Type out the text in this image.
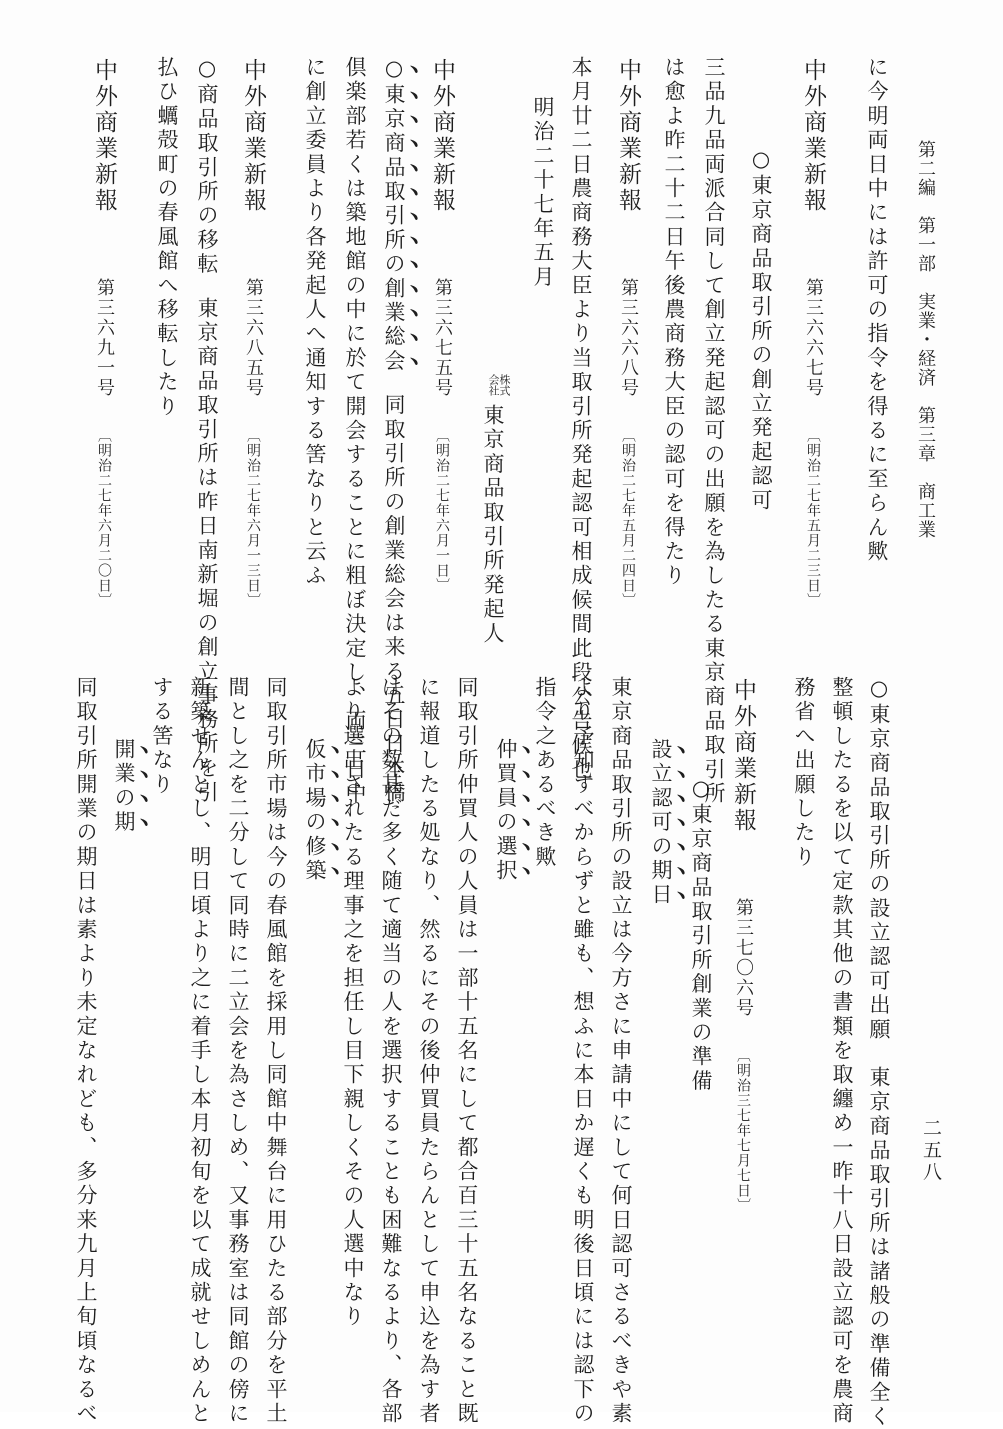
第二編　第一部　実業・経済　第三章　商工業
二五八
に今明両日中には許可の指令を得るに至らん歟
中外商業新報第三六六七号〔明治二七年五月二三日〕
○東京商品取引所の創立発起認可
三品九品両派合同して創立発起認可の出願を為したる東京商品取引所
は愈よ昨二十二日午後農商務大臣の認可を得たり
中外商業新報第三六六八号〔明治二七年五月二四日〕
本月廿二日農商務大臣より当取引所発起認可相成候間此段公告候也
明治二十七年五月
株式
会社東京商品取引所発起人
中外商業新報第三六七五号〔明治二七年六月一日〕
○東京商品取引所の創業総会同取引所の創業総会は来る五日日本橋
倶楽部若くは築地館の中に於て開会することに粗ぼ決定し、両三日中
に創立委員より各発起人へ通知する筈なりと云ふ
中外商業新報第三六八五号〔明治二七年六月一三日〕
○商品取引所の移転東京商品取引所は昨日南新堀の創立事務所を引
払ひ蠣殻町の春風館へ移転したり
中外商業新報第三六九一号〔明治二七年六月二〇日〕
○東京商品取引所の設立認可出願　東京商品取引所は諸般の準備全く
整頓したるを以て定款其他の書類を取纏め一昨十八日設立認可を農商
務省へ出願したり
中外商業新報第三七〇六号〔明治三七年七月七日〕
○東京商品取引所創業の準備
設立認可の期日
東京商品取引所の設立は今方さに申請中にして何日認可さるべきや素
より予知すべからずと雖も、想ふに本日か遅くも明後日頃には認下の
指令之あるべき歟
仲買員の選択
同取引所仲買人の人員は一部十五名にして都合百三十五名なること既
に報道したる処なり、然るにその後仲買員たらんとして申込を為す者
はその数甚だ多く随て適当の人を選択することも困難なるより、各部
より選出されたる理事之を担任し目下親しくその人選中なり
仮市場の修築
同取引所市場は今の春風館を採用し同館中舞台に用ひたる部分を平土
間とし之を二分して同時に二立会を為さしめ、又事務室は同館の傍に
新築せんとし、明日頃より之に着手し本月初旬を以て成就せしめんと
する筈なり
開業の期
同取引所開業の期日は素より未定なれども、多分来九月上旬頃なるべ
